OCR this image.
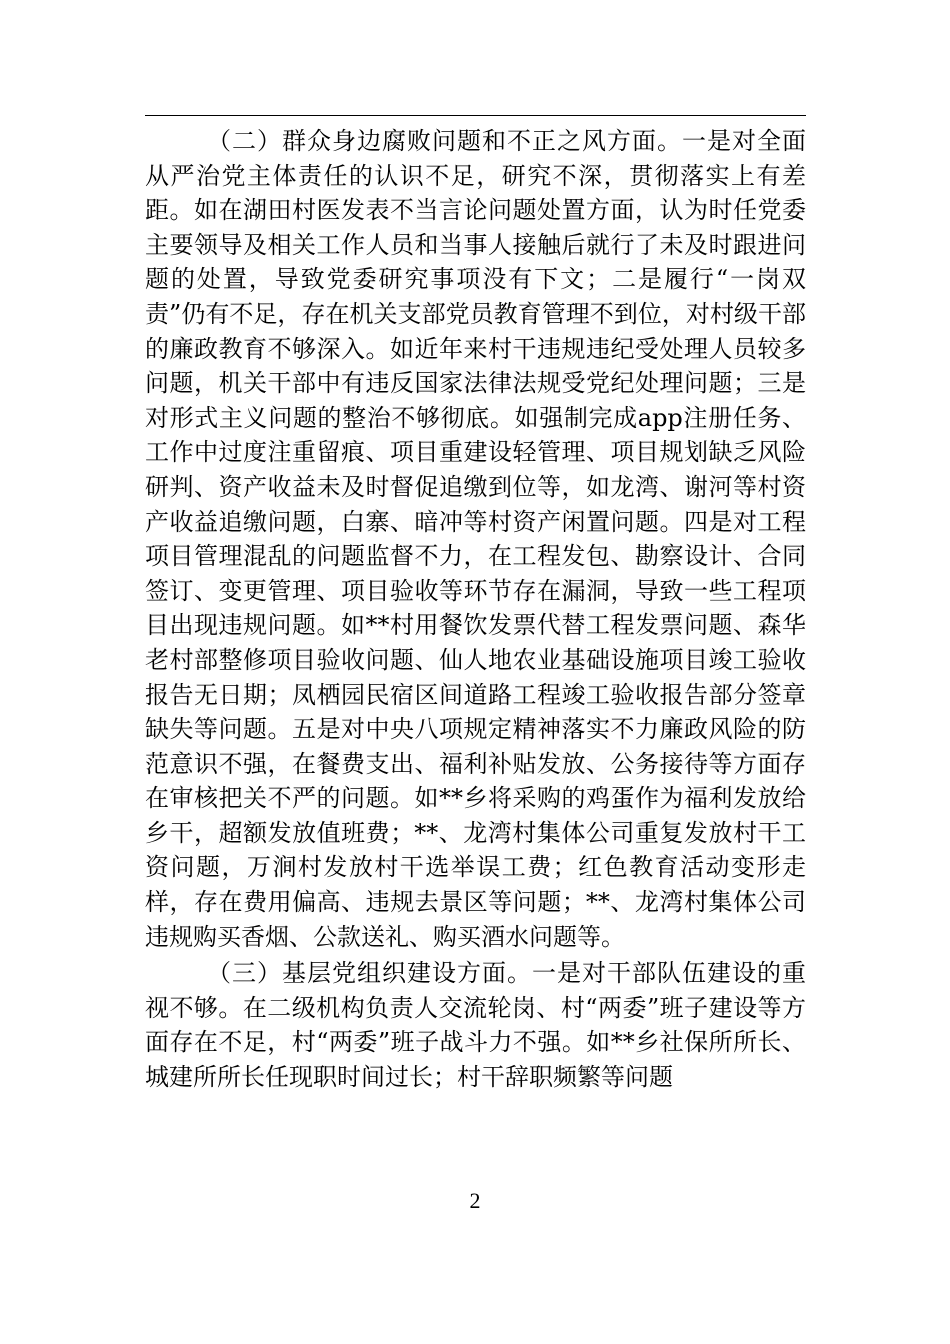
（二）群众身边腐败问题和不正之风方面。一是对全面从严治党主体责任的认识不足，研究不深，贯彻落实上有差距。如在湖田村医发表不当言论问题处置方面，认为时任党委主要领导及相关工作人员和当事人接触后就行了未及时跟进问题的处置，导致党委研究事项没有下文；二是履行“一岗双责”仍有不足，存在机关支部党员教育管理不到位，对村级干部的廉政教育不够深入。如近年来村干违规违纪受处理人员较多问题，机关干部中有违反国家法律法规受党纪处理问题；三是对形式主义问题的整治不够彻底。如强制完成app注册任务、工作中过度注重留痕、项目重建设轻管理、项目规划缺乏风险研判、资产收益未及时督促追缴到位等，如龙湾、谢河等村资产收益追缴问题，白寨、暗冲等村资产闲置问题。四是对工程项目管理混乱的问题监督不力，在工程发包、勘察设计、合同签订、变更管理、项目验收等环节存在漏洞，导致一些工程项目出现违规问题。如**村用餐饮发票代替工程发票问题、森华老村部整修项目验收问题、仙人地农业基础设施项目竣工验收报告无日期；凤栖园民宿区间道路工程竣工验收报告部分签章缺失等问题。五是对中央八项规定精神落实不力廉政风险的防范意识不强，在餐费支出、福利补贴发放、公务接待等方面存在审核把关不严的问题。如**乡将采购的鸡蛋作为福利发放给乡干，超额发放值班费；**、龙湾村集体公司重复发放村干工资问题，万涧村发放村干选举误工费；红色教育活动变形走样，存在费用偏高、违规去景区等问题；**、龙湾村集体公司违规购买香烟、公款送礼、购买酒水问题等。

（三）基层党组织建设方面。一是对干部队伍建设的重视不够。在二级机构负责人交流轮岗、村“两委”班子建设等方面存在不足，村“两委”班子战斗力不强。如**乡社保所所长、城建所所长任现职时间过长；村干辞职频繁等问题

2
